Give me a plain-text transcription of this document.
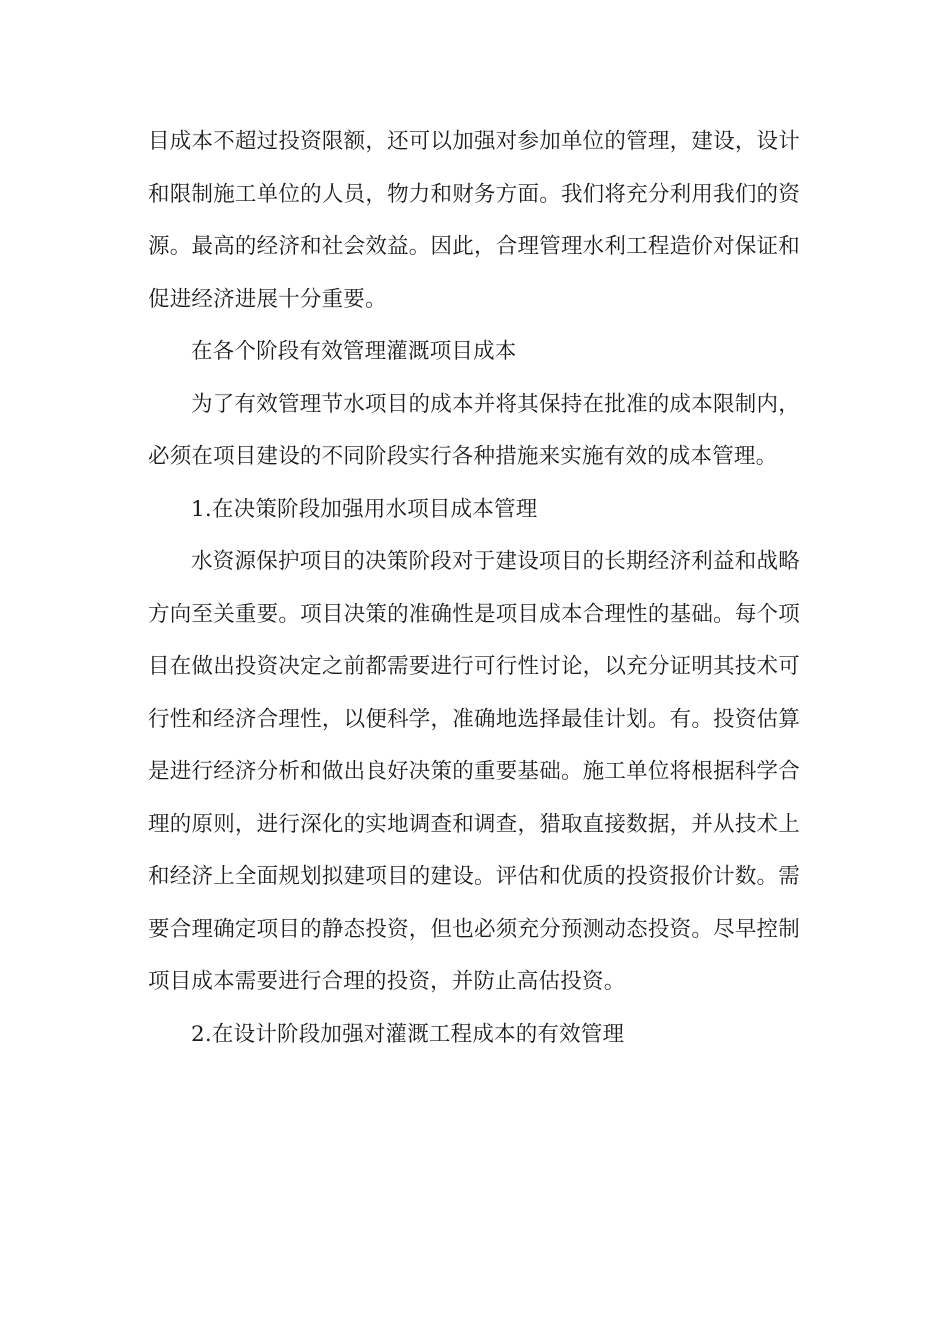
目成本不超过投资限额，还可以加强对参加单位的管理，建设，设计和限制施工单位的人员，物力和财务方面。我们将充分利用我们的资源。最高的经济和社会效益。因此，合理管理水利工程造价对保证和促进经济进展十分重要。

在各个阶段有效管理灌溉项目成本

为了有效管理节水项目的成本并将其保持在批准的成本限制内，必须在项目建设的不同阶段实行各种措施来实施有效的成本管理。

1.在决策阶段加强用水项目成本管理

水资源保护项目的决策阶段对于建设项目的长期经济利益和战略方向至关重要。项目决策的准确性是项目成本合理性的基础。每个项目在做出投资决定之前都需要进行可行性讨论，以充分证明其技术可行性和经济合理性，以便科学，准确地选择最佳计划。有。投资估算是进行经济分析和做出良好决策的重要基础。施工单位将根据科学合理的原则，进行深化的实地调查和调查，猎取直接数据，并从技术上和经济上全面规划拟建项目的建设。评估和优质的投资报价计数。需要合理确定项目的静态投资，但也必须充分预测动态投资。尽早控制项目成本需要进行合理的投资，并防止高估投资。

2.在设计阶段加强对灌溉工程成本的有效管理
